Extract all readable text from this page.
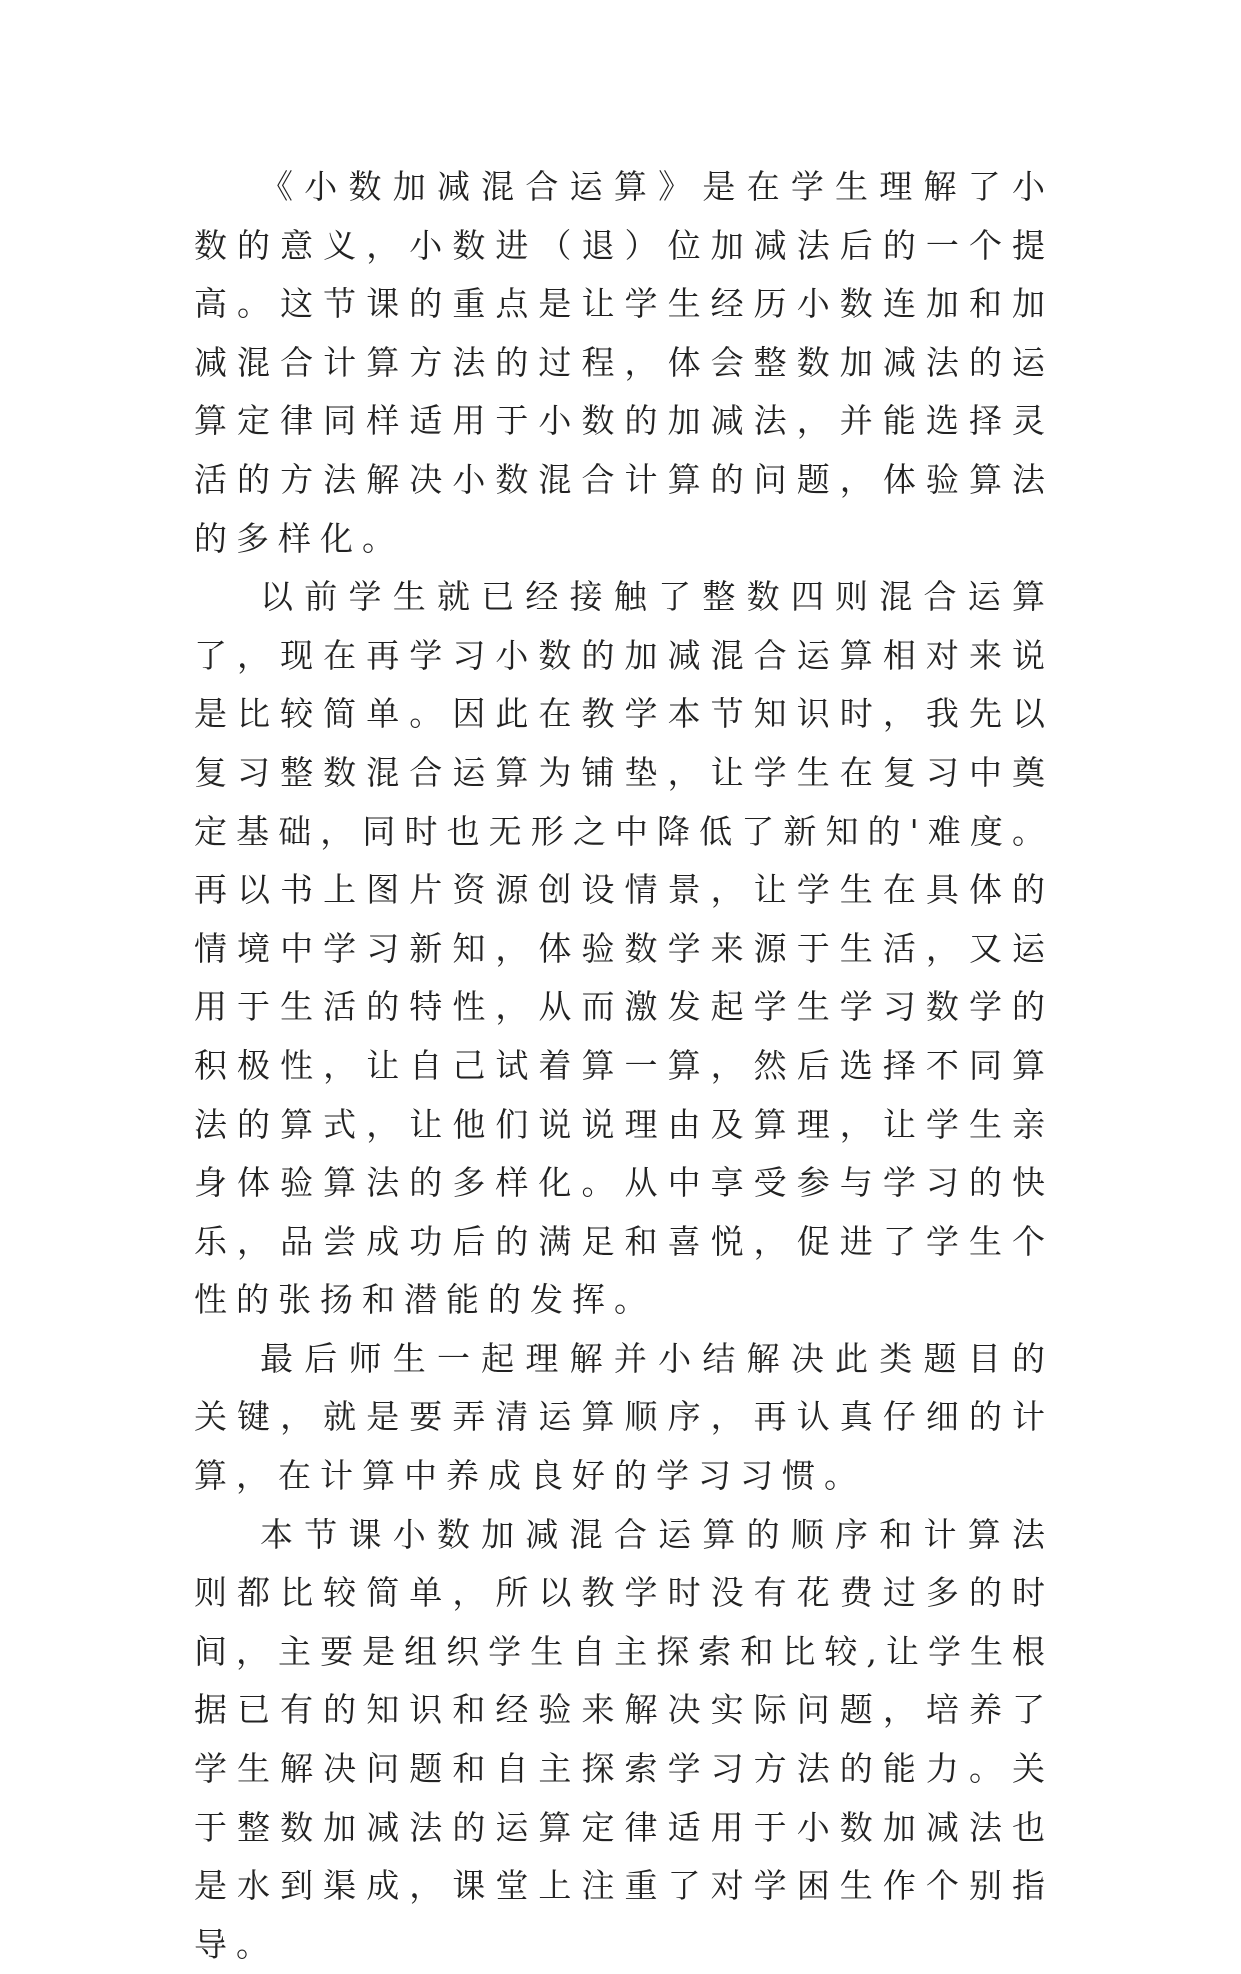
《小数加减混合运算》是在学生理解了小数的意义，小数进（退）位加减法后的一个提高。这节课的重点是让学生经历小数连加和加减混合计算方法的过程，体会整数加减法的运算定律同样适用于小数的加减法，并能选择灵活的方法解决小数混合计算的问题，体验算法的多样化。

以前学生就已经接触了整数四则混合运算了，现在再学习小数的加减混合运算相对来说是比较简单。因此在教学本节知识时，我先以复习整数混合运算为铺垫，让学生在复习中奠定基础，同时也无形之中降低了新知的'难度。再以书上图片资源创设情景，让学生在具体的情境中学习新知，体验数学来源于生活，又运用于生活的特性，从而激发起学生学习数学的积极性，让自己试着算一算，然后选择不同算法的算式，让他们说说理由及算理，让学生亲身体验算法的多样化。从中享受参与学习的快乐，品尝成功后的满足和喜悦，促进了学生个性的张扬和潜能的发挥。

最后师生一起理解并小结解决此类题目的关键，就是要弄清运算顺序，再认真仔细的计算，在计算中养成良好的学习习惯。

本节课小数加减混合运算的顺序和计算法则都比较简单，所以教学时没有花费过多的时间，主要是组织学生自主探索和比较,让学生根据已有的知识和经验来解决实际问题，培养了学生解决问题和自主探索学习方法的能力。关于整数加减法的运算定律适用于小数加减法也是水到渠成，课堂上注重了对学困生作个别指导。
